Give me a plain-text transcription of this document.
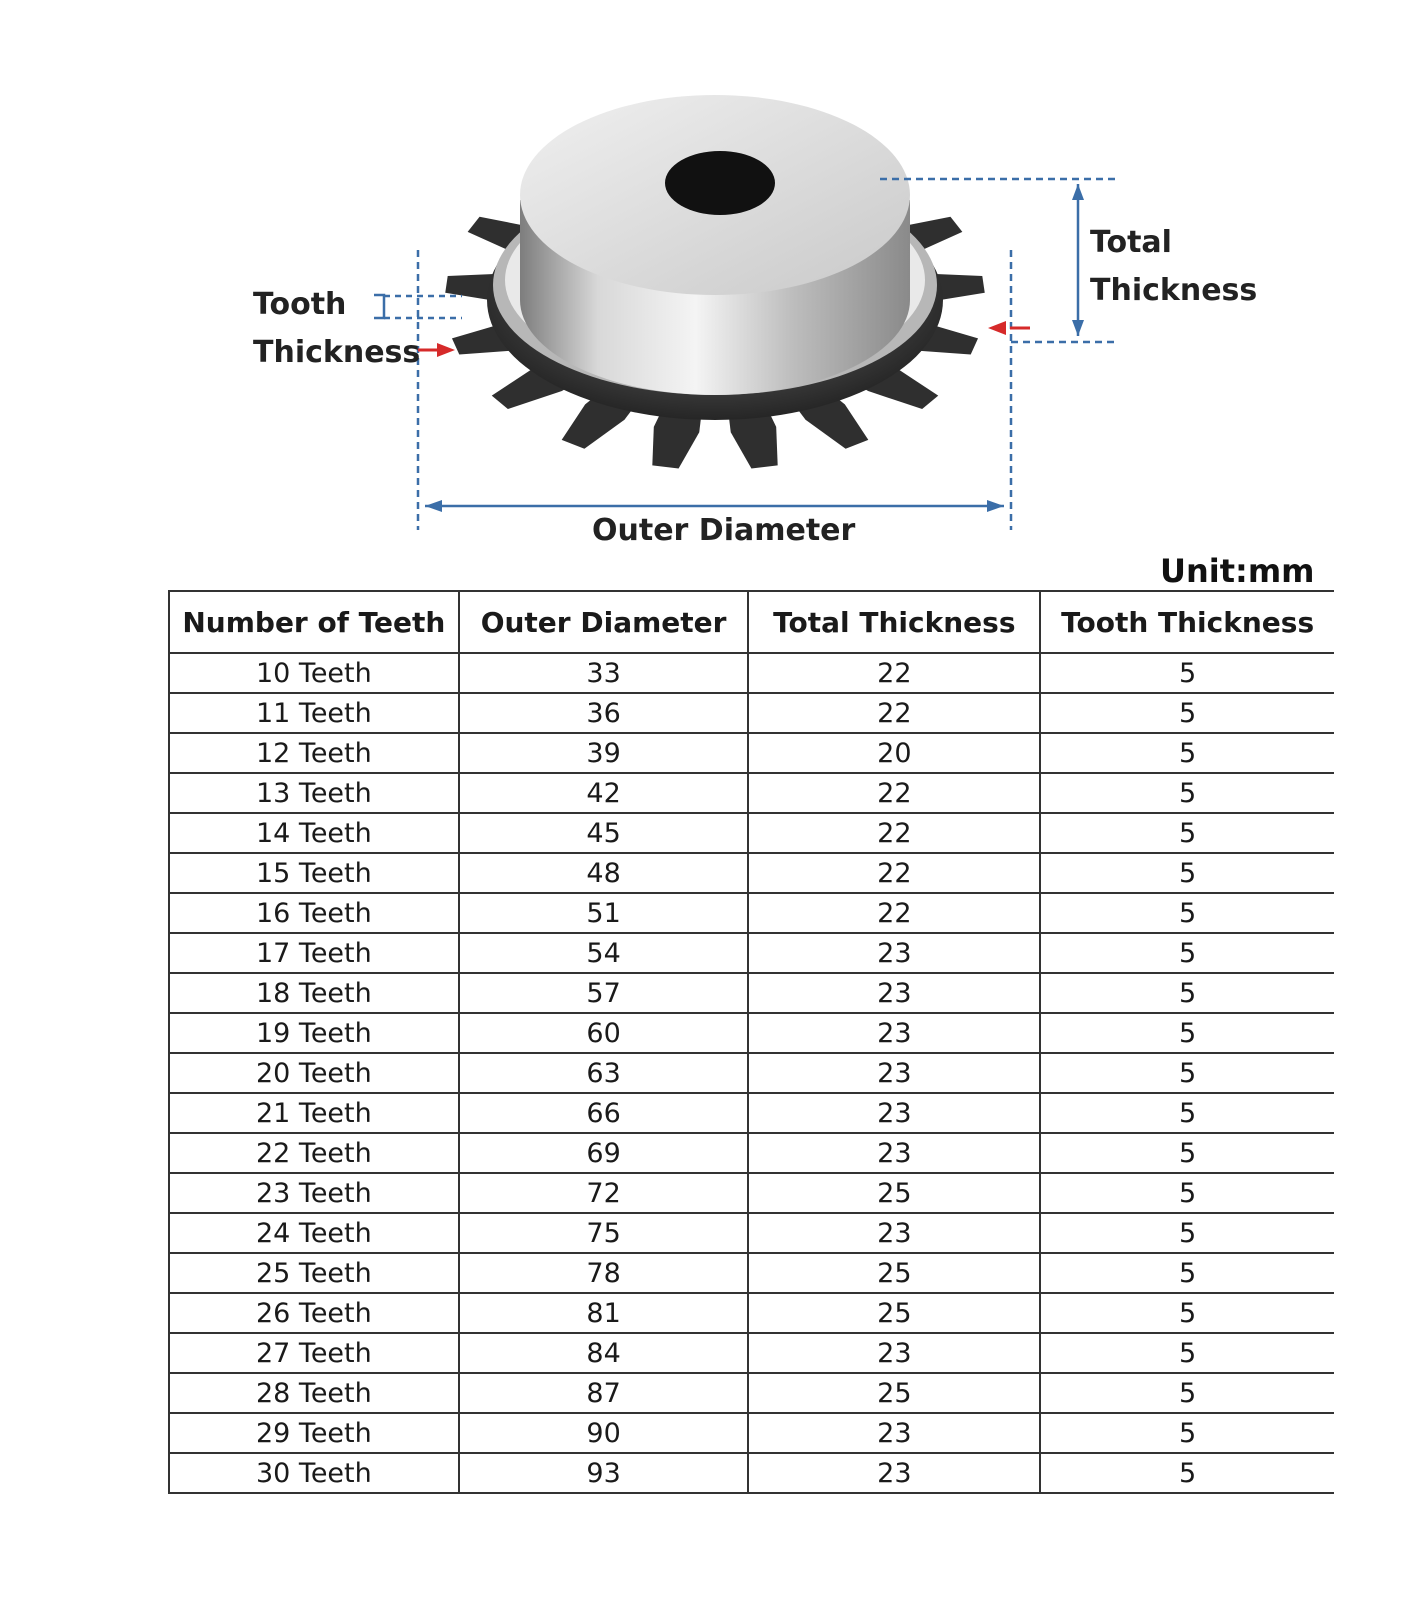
Tooth
Thickness
Total
Thickness
Outer Diameter
Unit:mm
Number of Teeth	Outer Diameter	Total Thickness	Tooth Thickness
10 Teeth	33	22	5
11 Teeth	36	22	5
12 Teeth	39	20	5
13 Teeth	42	22	5
14 Teeth	45	22	5
15 Teeth	48	22	5
16 Teeth	51	22	5
17 Teeth	54	23	5
18 Teeth	57	23	5
19 Teeth	60	23	5
20 Teeth	63	23	5
21 Teeth	66	23	5
22 Teeth	69	23	5
23 Teeth	72	25	5
24 Teeth	75	23	5
25 Teeth	78	25	5
26 Teeth	81	25	5
27 Teeth	84	23	5
28 Teeth	87	25	5
29 Teeth	90	23	5
30 Teeth	93	23	5
